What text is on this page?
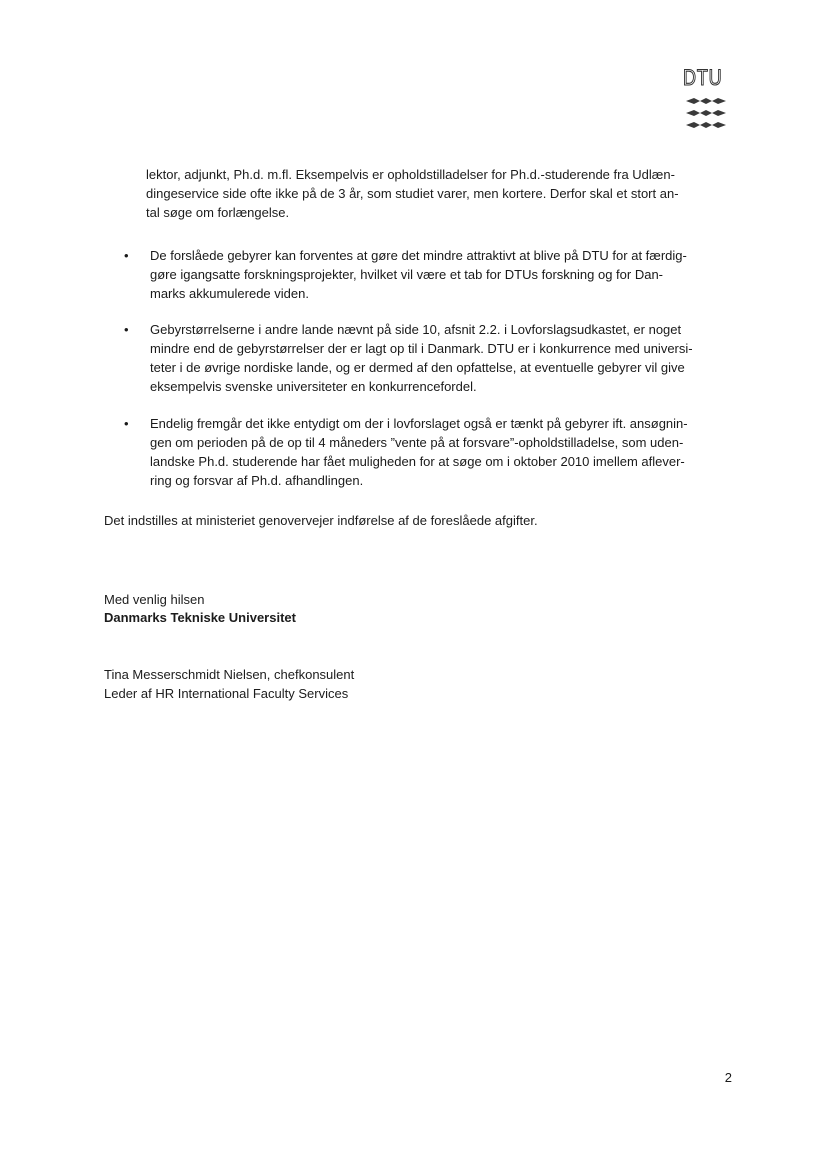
DTU

lektor, adjunkt, Ph.d. m.fl. Eksempelvis er opholdstilladelser for Ph.d.-studerende fra Udlæn-

dingeservice side ofte ikke på de 3 år, som studiet varer, men kortere. Derfor skal et stort an-

tal søge om forlængelse.

• De forslåede gebyrer kan forventes at gøre det mindre attraktivt at blive på DTU for at færdig-

gøre igangsatte forskningsprojekter, hvilket vil være et tab for DTUs forskning og for Dan-

marks akkumulerede viden.

• Gebyrstørrelserne i andre lande nævnt på side 10, afsnit 2.2. i Lovforslagsudkastet, er noget

mindre end de gebyrstørrelser der er lagt op til i Danmark. DTU er i konkurrence med universi-

teter i de øvrige nordiske lande, og er dermed af den opfattelse, at eventuelle gebyrer vil give

eksempelvis svenske universiteter en konkurrencefordel.

• Endelig fremgår det ikke entydigt om der i lovforslaget også er tænkt på gebyrer ift. ansøgnin-

gen om perioden på de op til 4 måneders ”vente på at forsvare”-opholdstilladelse, som uden-

landske Ph.d. studerende har fået muligheden for at søge om i oktober 2010 imellem aflever-

ring og forsvar af Ph.d. afhandlingen.

Det indstilles at ministeriet genovervejer indførelse af de foreslåede afgifter.
Med venlig hilsen
Danmarks Tekniske Universitet
Tina Messerschmidt Nielsen, chefkonsulent
Leder af HR International Faculty Services
2
